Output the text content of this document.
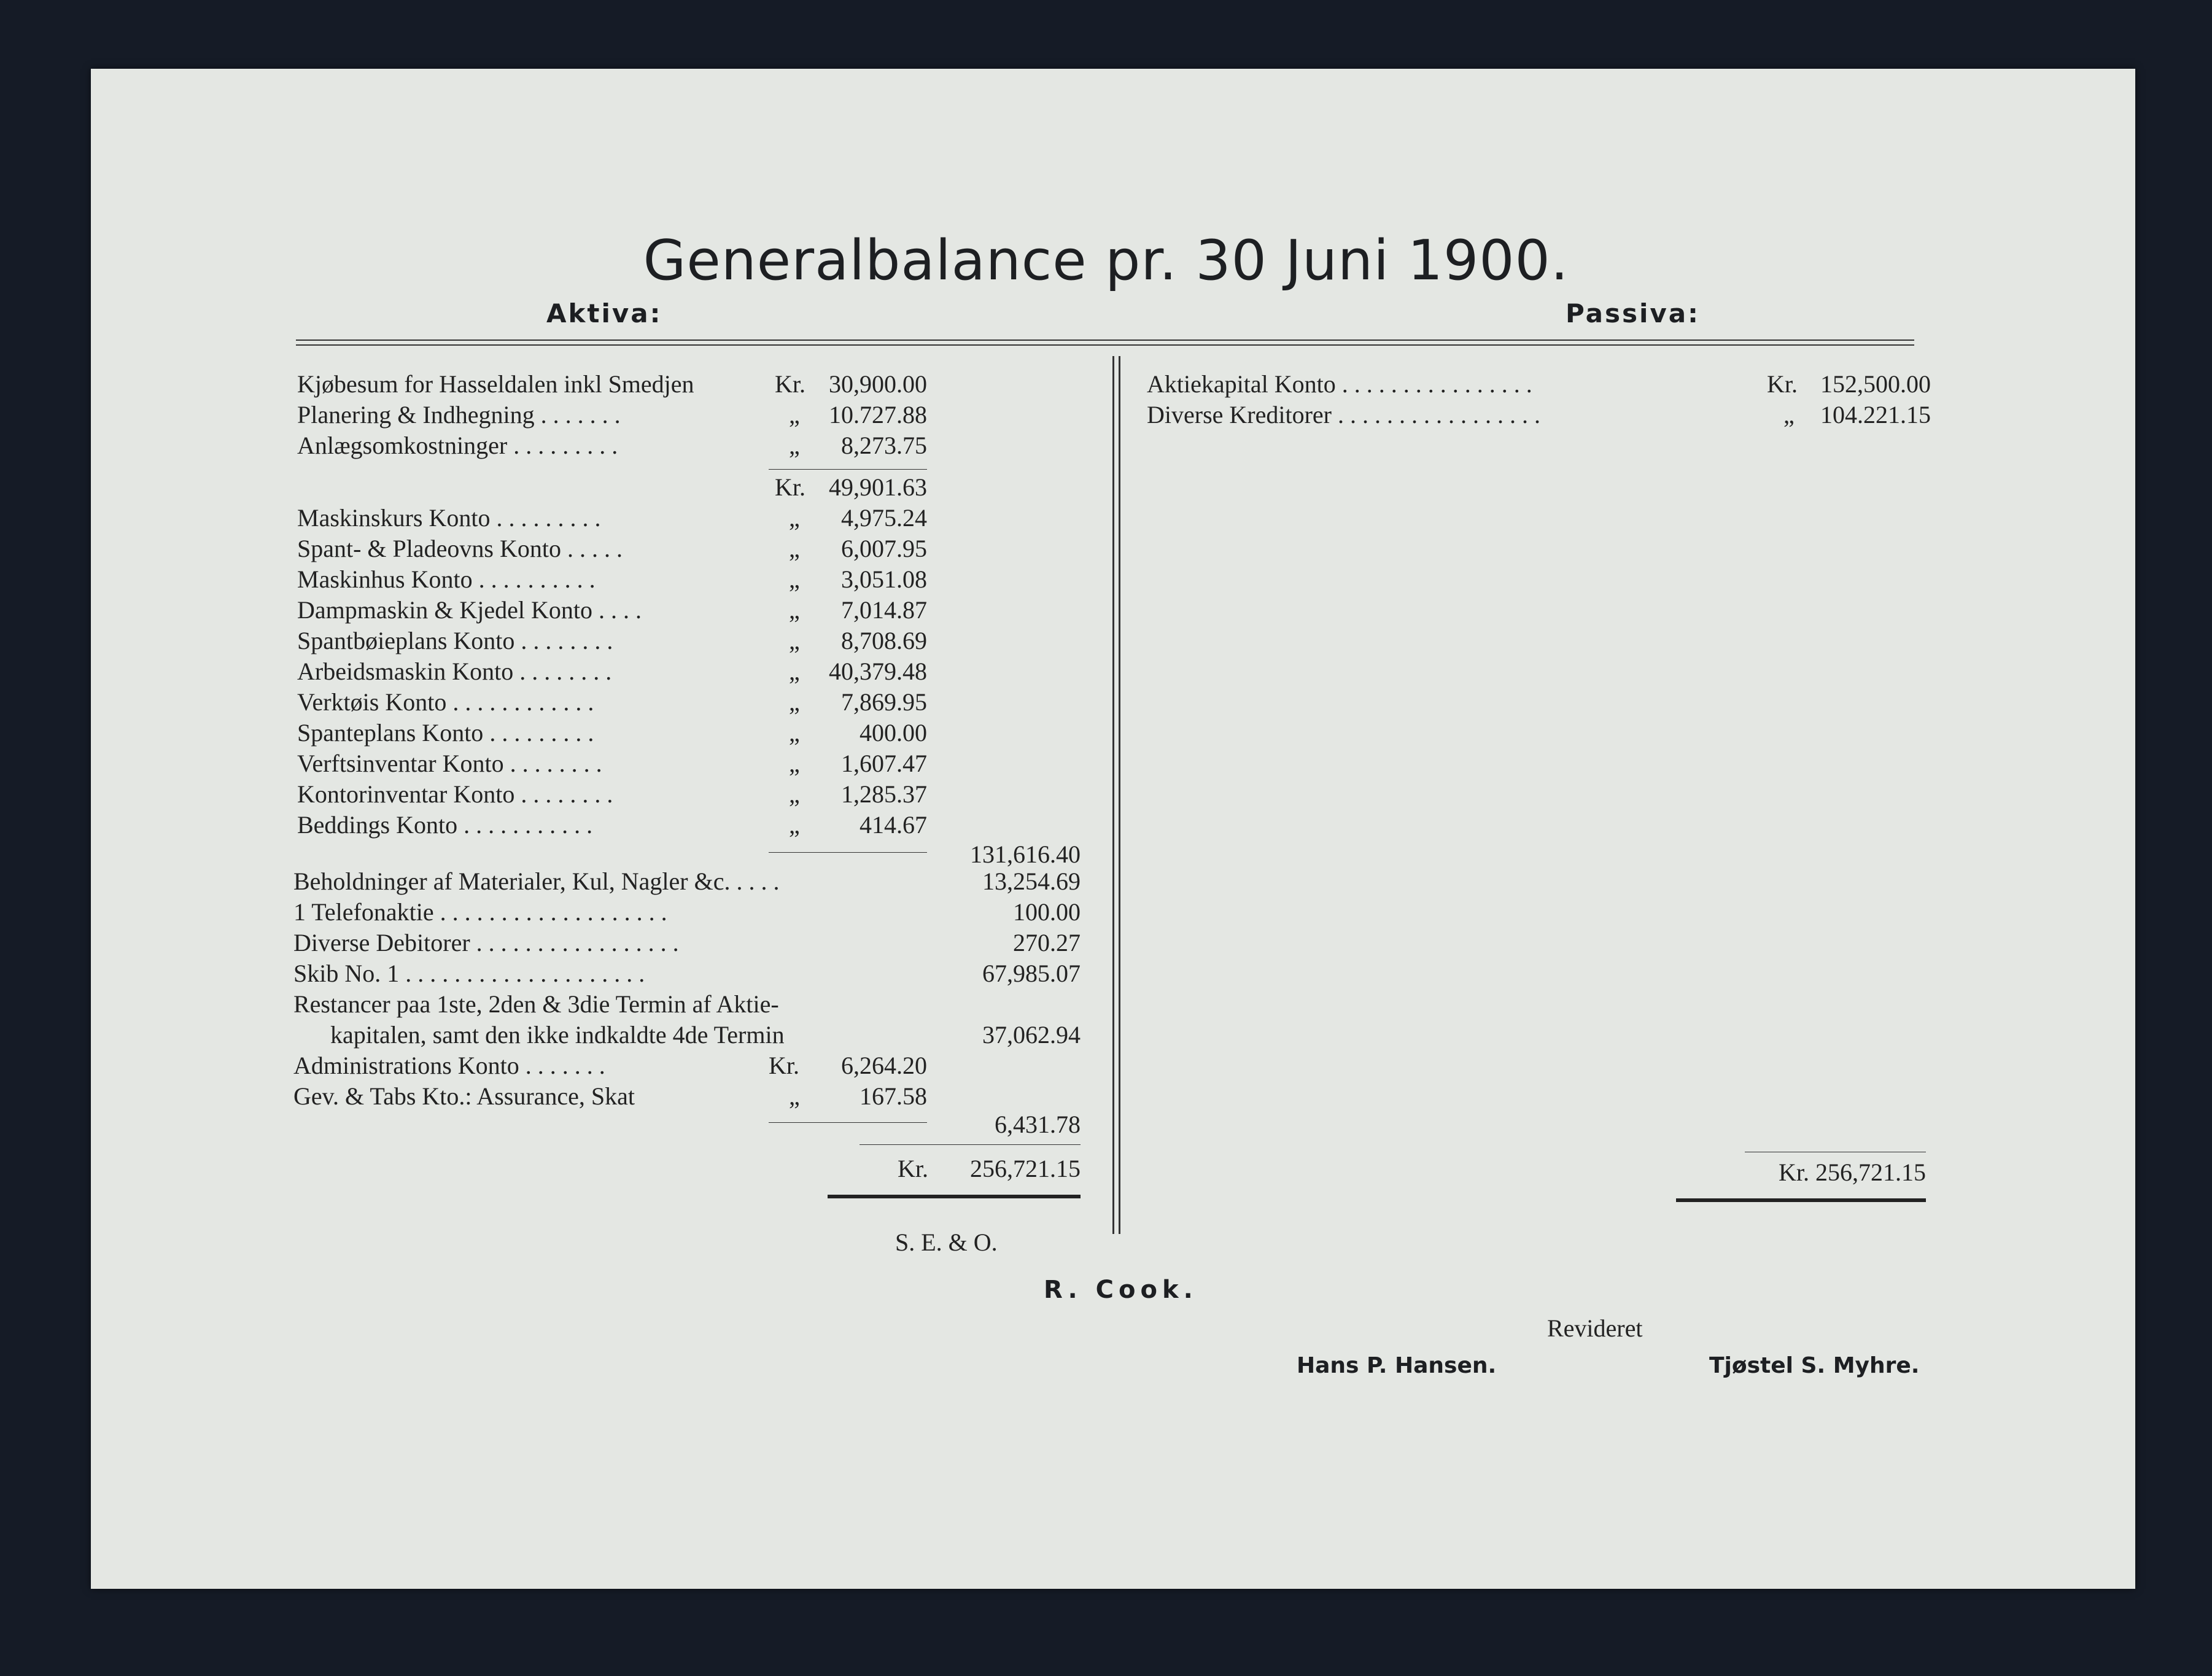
Generalbalance pr. 30 Juni 1900.
Aktiva:	Passiva:
Kjøbesum for Hasseldalen inkl Smedjen	Kr. 30,900.00
Planering & Indhegning . . . . . . .	„	10.727.88
Anlægsomkostninger . . . . . . . . .	„	8,273.75
Kr. 49,901.63
Maskinskurs Konto . . . . . . . . .	„	4,975.24
Spant- & Pladeovns Konto . . . . .	„	6,007.95
Maskinhus Konto . . . . . . . . . .	„	3,051.08
Dampmaskin & Kjedel Konto . . . .	„	7,014.87
Spantbøieplans Konto . . . . . . . .	„	8,708.69
Arbeidsmaskin Konto . . . . . . . .	„	40,379.48
Verktøis Konto . . . . . . . . . . . .	„	7,869.95
Spanteplans Konto . . . . . . . . .	„	400.00
Verftsinventar Konto . . . . . . . .	„	1,607.47
Kontorinventar Konto . . . . . . . .	„	1,285.37
Beddings Konto . . . . . . . . . . .	„	414.67
131,616.40
Beholdninger af Materialer, Kul, Nagler &c. . . . .	13,254.69
1 Telefonaktie . . . . . . . . . . . . . . . . . . .	100.00
Diverse Debitorer . . . . . . . . . . . . . . . . .	270.27
Skib No. 1 . . . . . . . . . . . . . . . . . . . .	67,985.07
Restancer paa 1ste, 2den & 3die Termin af Aktie-
kapitalen, samt den ikke indkaldte 4de Termin	37,062.94
Administrations Konto . . . . . . .	Kr.	6,264.20
Gev. & Tabs Kto.: Assurance, Skat	„	167.58
6,431.78
Kr.	256,721.15
Aktiekapital Konto . . . . . . . . . . . . . . . .	Kr. 152,500.00
Diverse Kreditorer . . . . . . . . . . . . . . . . .	„	104.221.15
Kr. 256,721.15
S. E. & O.
R. Cook.
Revideret
Hans P. Hansen.	Tjøstel S. Myhre.
